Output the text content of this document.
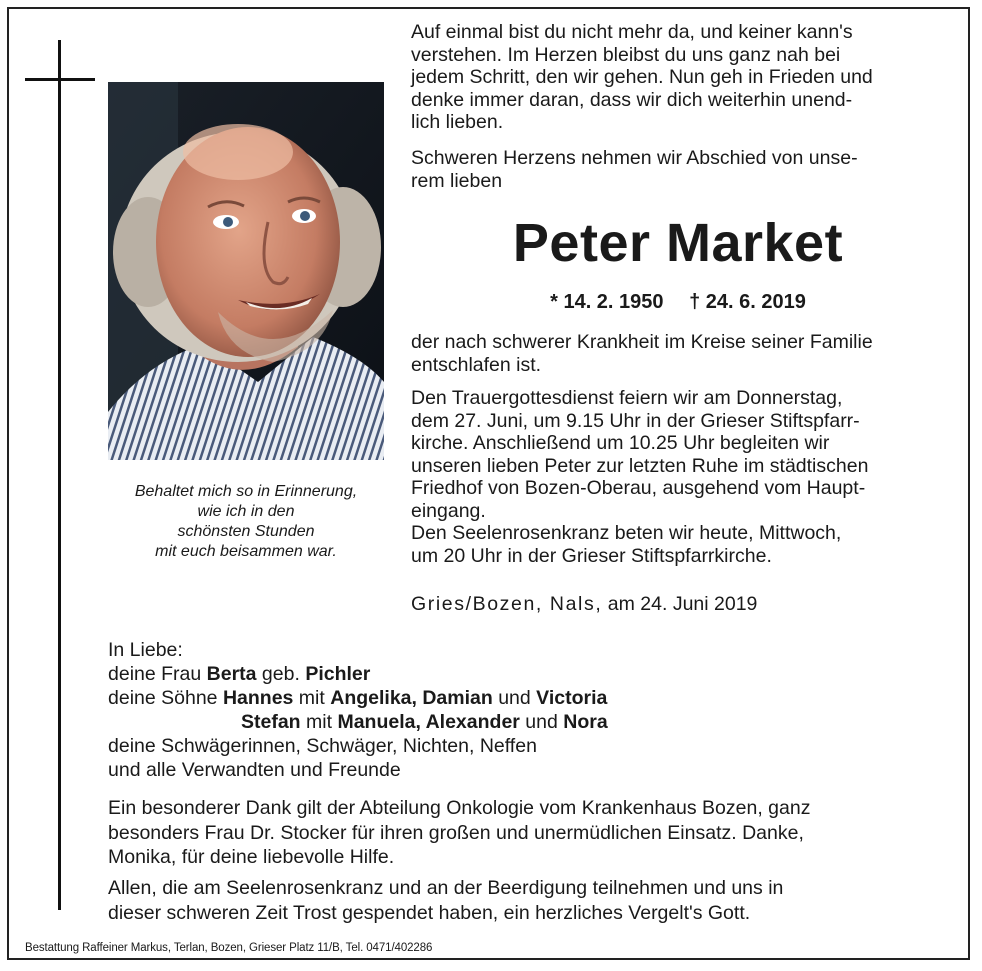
Behaltet mich so in Erinnerung,
wie ich in den
schönsten Stunden
mit euch beisammen war.
Auf einmal bist du nicht mehr da, und keiner kann's
verstehen. Im Herzen bleibst du uns ganz nah bei
jedem Schritt, den wir gehen. Nun geh in Frieden und
denke immer daran, dass wir dich weiterhin unend-
lich lieben.
Schweren Herzens nehmen wir Abschied von unse-
rem lieben
Peter Market
* 14. 2. 1950 † 24. 6. 2019
der nach schwerer Krankheit im Kreise seiner Familie
entschlafen ist.
Den Trauergottesdienst feiern wir am Donnerstag,
dem 27. Juni, um 9.15 Uhr in der Grieser Stiftspfarr-
kirche. Anschließend um 10.25 Uhr begleiten wir
unseren lieben Peter zur letzten Ruhe im städtischen
Friedhof von Bozen-Oberau, ausgehend vom Haupt-
eingang.
Den Seelenrosenkranz beten wir heute, Mittwoch,
um 20 Uhr in der Grieser Stiftspfarrkirche.
Gries/Bozen, Nals, am 24. Juni 2019
In Liebe:
deine Frau Berta geb. Pichler
deine Söhne Hannes mit Angelika, Damian und Victoria
Stefan mit Manuela, Alexander und Nora
deine Schwägerinnen, Schwäger, Nichten, Neffen
und alle Verwandten und Freunde
Ein besonderer Dank gilt der Abteilung Onkologie vom Krankenhaus Bozen, ganz
besonders Frau Dr. Stocker für ihren großen und unermüdlichen Einsatz. Danke,
Monika, für deine liebevolle Hilfe.
Allen, die am Seelenrosenkranz und an der Beerdigung teilnehmen und uns in
dieser schweren Zeit Trost gespendet haben, ein herzliches Vergelt's Gott.
Bestattung Raffeiner Markus, Terlan, Bozen, Grieser Platz 11/B, Tel. 0471/402286
